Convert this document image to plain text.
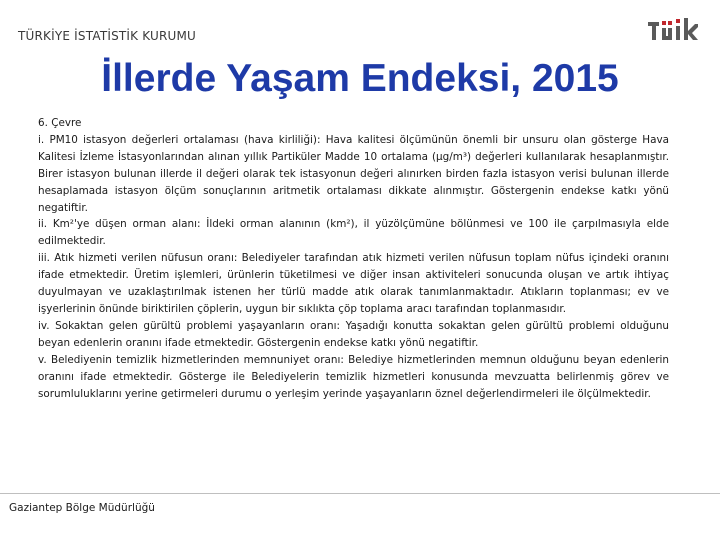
TÜRKİYE İSTATİSTİK KURUMU
İllerde Yaşam Endeksi, 2015

6. Çevre

i. PM10 istasyon değerleri ortalaması (hava kirliliği): Hava kalitesi ölçümünün önemli bir unsuru olan gösterge Hava Kalitesi İzleme İstasyonlarından alınan yıllık Partiküler Madde 10 ortalama (µg/m³) değerleri kullanılarak hesaplanmıştır. Birer istasyon bulunan illerde il değeri olarak tek istasyonun değeri alınırken birden fazla istasyon verisi bulunan illerde hesaplamada istasyon ölçüm sonuçlarının aritmetik ortalaması dikkate alınmıştır. Göstergenin endekse katkı yönü negatiftir.

ii. Km²'ye düşen orman alanı: İldeki orman alanının (km²), il yüzölçümüne bölünmesi ve 100 ile çarpılmasıyla elde edilmektedir.

iii. Atık hizmeti verilen nüfusun oranı: Belediyeler tarafından atık hizmeti verilen nüfusun toplam nüfus içindeki oranını ifade etmektedir. Üretim işlemleri, ürünlerin tüketilmesi ve diğer insan aktiviteleri sonucunda oluşan ve artık ihtiyaç duyulmayan ve uzaklaştırılmak istenen her türlü madde atık olarak tanımlanmaktadır. Atıkların toplanması; ev ve işyerlerinin önünde biriktirilen çöplerin, uygun bir sıklıkta çöp toplama aracı tarafından toplanmasıdır.

iv. Sokaktan gelen gürültü problemi yaşayanların oranı: Yaşadığı konutta sokaktan gelen gürültü problemi olduğunu beyan edenlerin oranını ifade etmektedir. Göstergenin endekse katkı yönü negatiftir.

v. Belediyenin temizlik hizmetlerinden memnuniyet oranı: Belediye hizmetlerinden memnun olduğunu beyan edenlerin oranını ifade etmektedir. Gösterge ile Belediyelerin temizlik hizmetleri konusunda mevzuatta belirlenmiş görev ve sorumluluklarını yerine getirmeleri durumu o yerleşim yerinde yaşayanların öznel değerlendirmeleri ile ölçülmektedir.

Gaziantep Bölge Müdürlüğü
